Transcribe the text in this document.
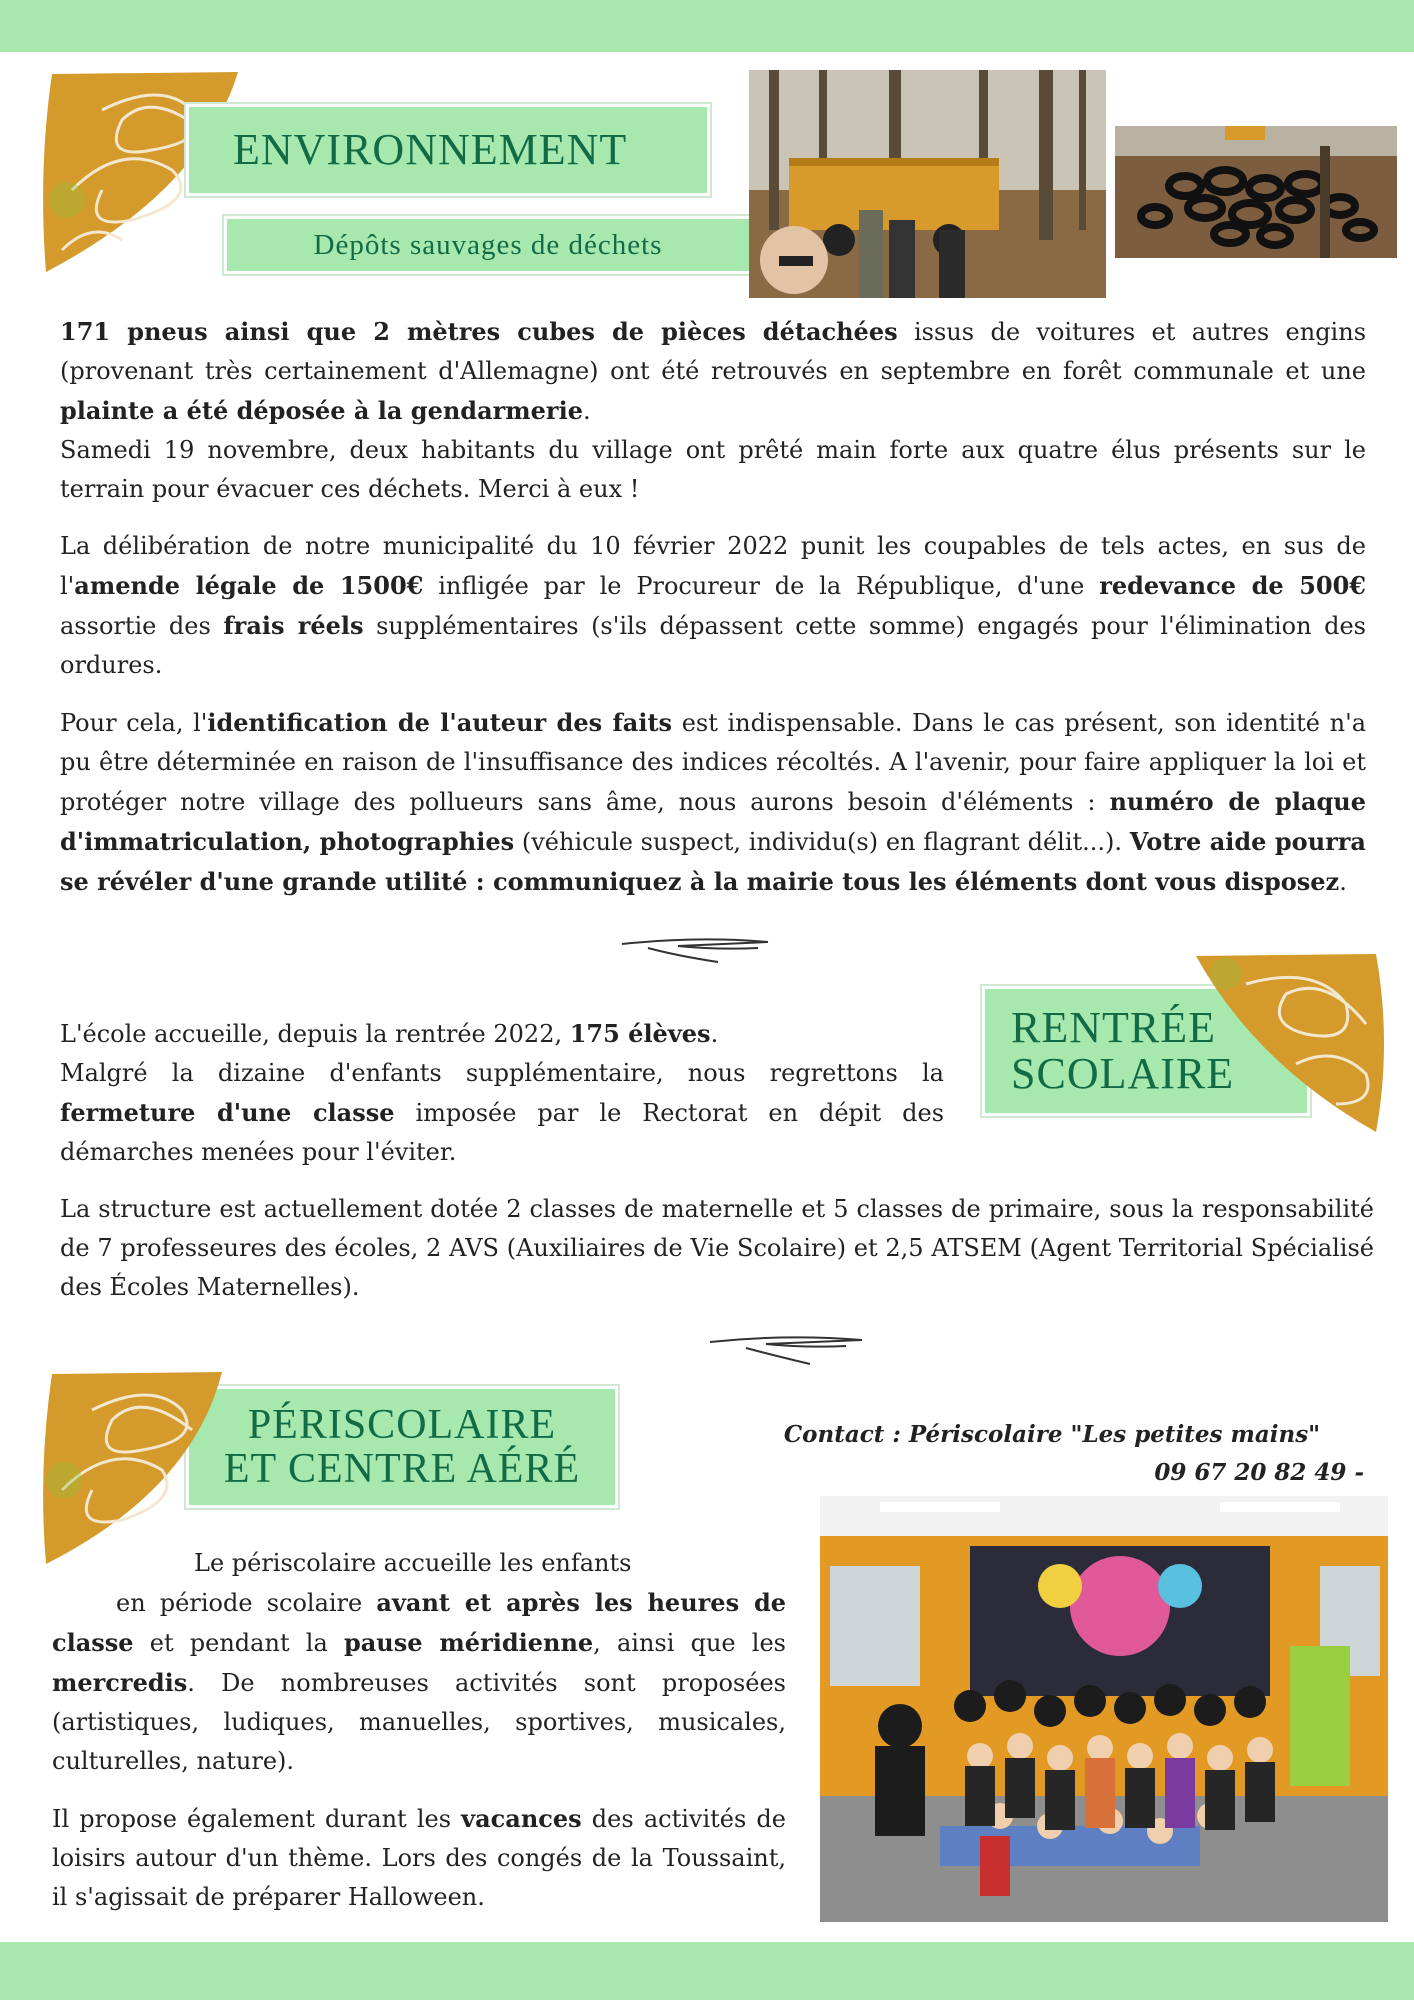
ENVIRONNEMENT
Dépôts sauvages de déchets

171 pneus ainsi que 2 mètres cubes de pièces détachées issus de voitures et autres engins (provenant très certainement d'Allemagne) ont été retrouvés en septembre en forêt communale et une plainte a été déposée à la gendarmerie.
Samedi 19 novembre, deux habitants du village ont prêté main forte aux quatre élus présents sur le terrain pour évacuer ces déchets. Merci à eux !

La délibération de notre municipalité du 10 février 2022 punit les coupables de tels actes, en sus de l'amende légale de 1500€ infligée par le Procureur de la République, d'une redevance de 500€ assortie des frais réels supplémentaires (s'ils dépassent cette somme) engagés pour l'élimination des ordures.

Pour cela, l'identification de l'auteur des faits est indispensable. Dans le cas présent, son identité n'a pu être déterminée en raison de l'insuffisance des indices récoltés. A l'avenir, pour faire appliquer la loi et protéger notre village des pollueurs sans âme, nous aurons besoin d'éléments : numéro de plaque d'immatriculation, photographies (véhicule suspect, individu(s) en flagrant délit...). Votre aide pourra se révéler d'une grande utilité : communiquez à la mairie tous les éléments dont vous disposez.

RENTRÉE
SCOLAIRE

L'école accueille, depuis la rentrée 2022, 175 élèves.
Malgré la dizaine d'enfants supplémentaire, nous regrettons la fermeture d'une classe imposée par le Rectorat en dépit des démarches menées pour l'éviter.

La structure est actuellement dotée 2 classes de maternelle et 5 classes de primaire, sous la responsabilité de 7 professeures des écoles, 2 AVS (Auxiliaires de Vie Scolaire) et 2,5 ATSEM (Agent Territorial Spécialisé des Écoles Maternelles).

PÉRISCOLAIRE
ET CENTRE AÉRÉ
Contact : Périscolaire "Les petites mains"
09 67 20 82 49 -

Le périscolaire accueille les enfants
en période scolaire avant et après les heures de classe et pendant la pause méridienne, ainsi que les mercredis. De nombreuses activités sont proposées (artistiques, ludiques, manuelles, sportives, musicales, culturelles, nature).

Il propose également durant les vacances des activités de loisirs autour d'un thème. Lors des congés de la Toussaint, il s'agissait de préparer Halloween.
